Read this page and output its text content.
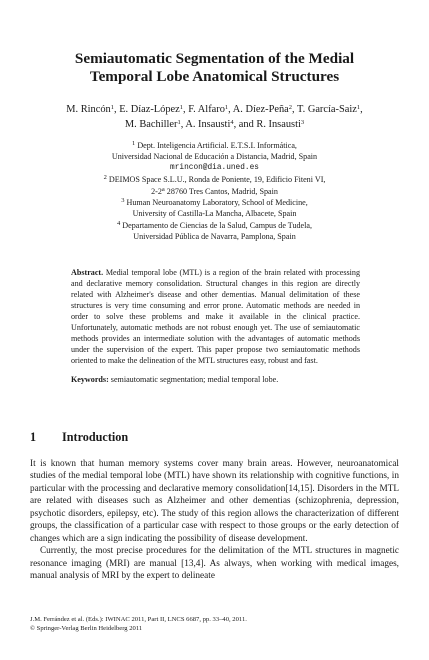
Semiautomatic Segmentation of the Medial
Temporal Lobe Anatomical Structures
M. Rincón$^1$, E. Díaz-López$^1$, F. Alfaro$^1$, A. Díez-Peña$^2$, T. García-Saiz$^1$,
M. Bachiller$^1$, A. Insausti$^4$, and R. Insausti$^3$
$^1$ Dept. Inteligencia Artificial. E.T.S.I. Informática,
Universidad Nacional de Educación a Distancia, Madrid, Spain
mrincon@dia.uned.es
$^2$ DEIMOS Space S.L.U., Ronda de Poniente, 19, Edificio Fiteni VI,
2-2$^a$ 28760 Tres Cantos, Madrid, Spain
$^3$ Human Neuroanatomy Laboratory, School of Medicine,
University of Castilla-La Mancha, Albacete, Spain
$^4$ Departamento de Ciencias de la Salud, Campus de Tudela,
Universidad Pública de Navarra, Pamplona, Spain
Abstract. Medial temporal lobe (MTL) is a region of the brain related with processing and declarative memory consolidation. Structural changes in this region are directly related with Alzheimer's disease and other dementias. Manual delimitation of these structures is very time consuming and error prone. Automatic methods are needed in order to solve these problems and make it available in the clinical practice. Unfortunately, automatic methods are not robust enough yet. The use of semiautomatic methods provides an intermediate solution with the advantages of automatic methods under the supervision of the expert. This paper propose two semiautomatic methods oriented to make the delineation of the MTL structures easy, robust and fast.
Keywords: semiautomatic segmentation; medial temporal lobe.
1 Introduction

It is known that human memory systems cover many brain areas. However, neuroanatomical studies of the medial temporal lobe (MTL) have shown its relationship with cognitive functions, in particular with the processing and declarative memory consolidation[14,15]. Disorders in the MTL are related with diseases such as Alzheimer and other dementias (schizophrenia, depression, psychotic disorders, epilepsy, etc). The study of this region allows the characterization of different groups, the classification of a particular case with respect to those groups or the early detection of changes which are a sign indicating the possibility of disease development.

Currently, the most precise procedures for the delimitation of the MTL structures in magnetic resonance imaging (MRI) are manual [13,4]. As always, when working with medical images, manual analysis of MRI by the expert to delineate

J.M. Ferrández et al. (Eds.): IWINAC 2011, Part II, LNCS 6687, pp. 33–40, 2011.
© Springer-Verlag Berlin Heidelberg 2011
